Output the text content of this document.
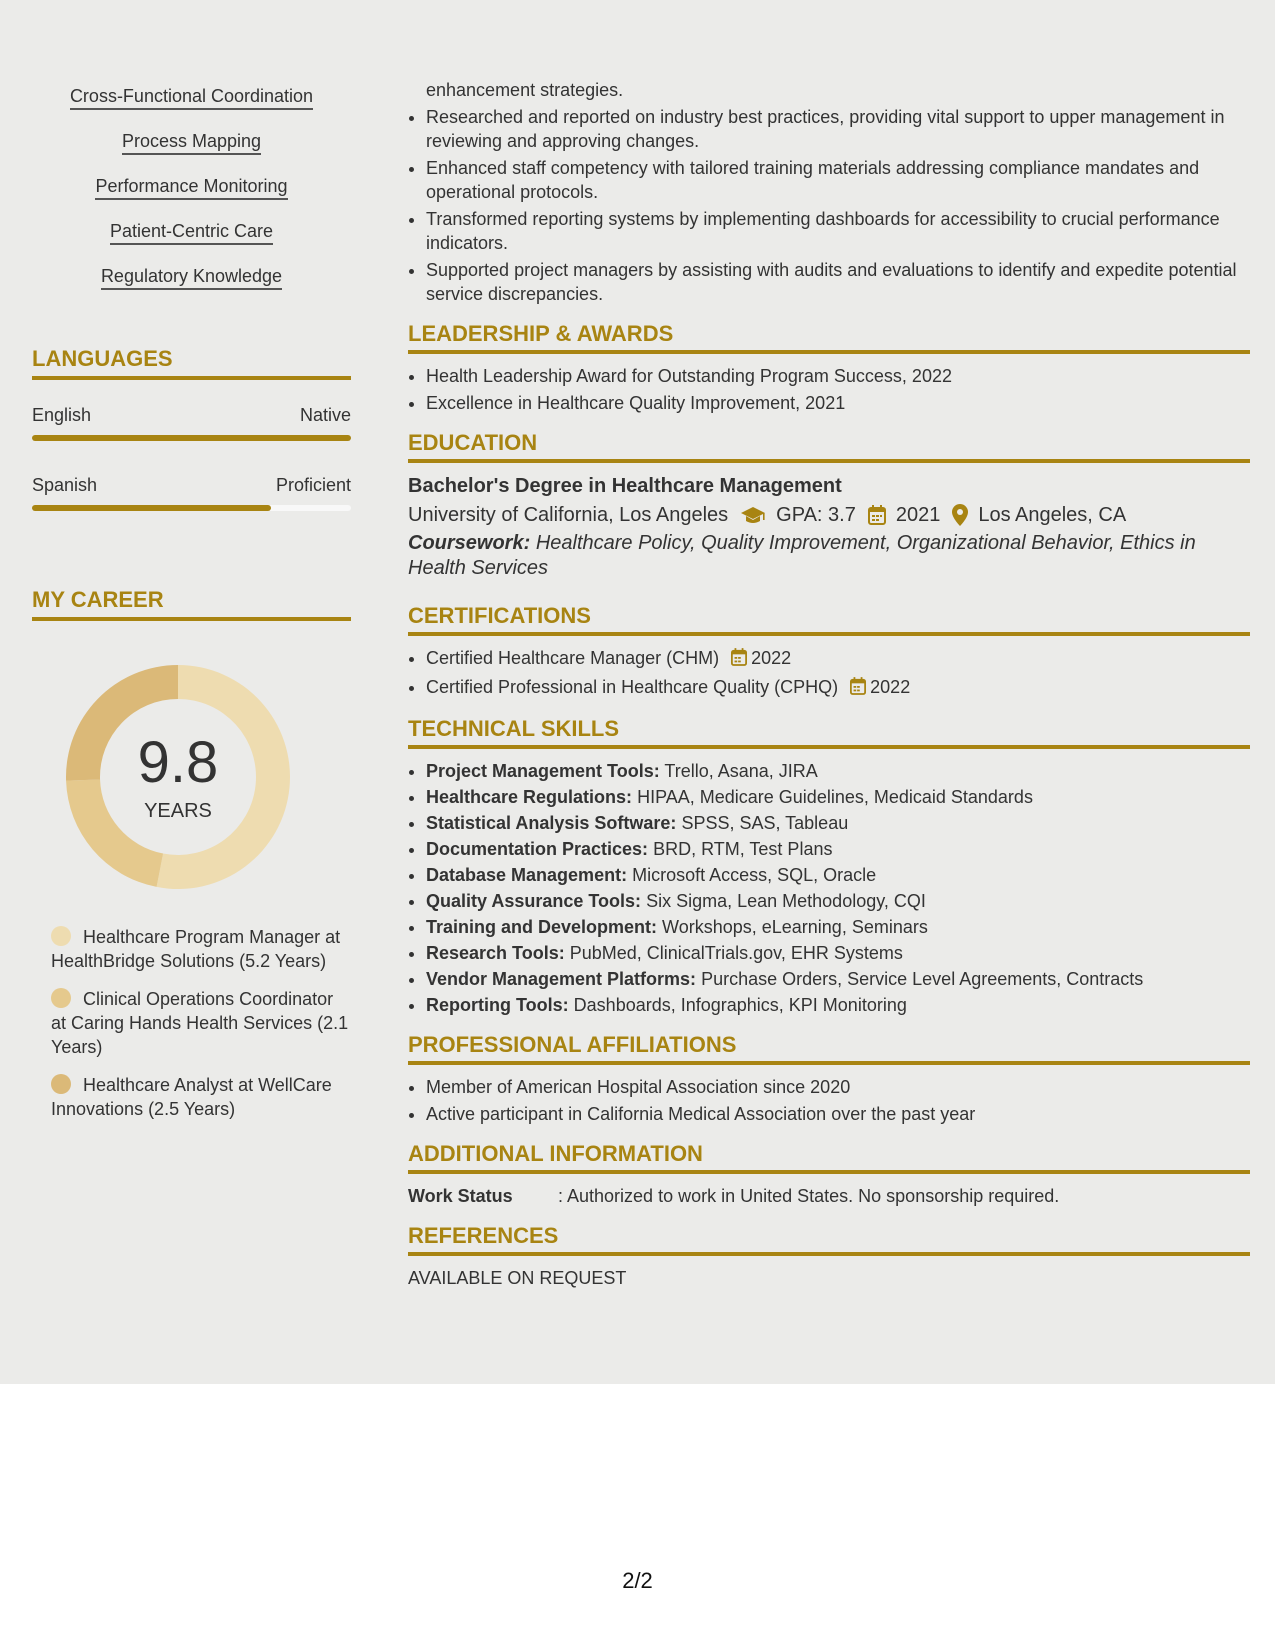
Cross-Functional Coordination
Process Mapping
Performance Monitoring
Patient-Centric Care
Regulatory Knowledge
LANGUAGES
English	Native
Spanish	Proficient
MY CAREER
9.8
YEARS
Healthcare Program Manager at HealthBridge Solutions (5.2 Years)
Clinical Operations Coordinator at Caring Hands Health Services (2.1 Years)
Healthcare Analyst at WellCare Innovations (2.5 Years)
enhancement strategies.
• Researched and reported on industry best practices, providing vital support to upper management in reviewing and approving changes.
• Enhanced staff competency with tailored training materials addressing compliance mandates and operational protocols.
• Transformed reporting systems by implementing dashboards for accessibility to crucial performance indicators.
• Supported project managers by assisting with audits and evaluations to identify and expedite potential service discrepancies.
LEADERSHIP & AWARDS
• Health Leadership Award for Outstanding Program Success, 2022
• Excellence in Healthcare Quality Improvement, 2021
EDUCATION
Bachelor's Degree in Healthcare Management
University of California, Los Angeles GPA: 3.7 2021 Los Angeles, CA
Coursework: Healthcare Policy, Quality Improvement, Organizational Behavior, Ethics in Health Services
CERTIFICATIONS
• Certified Healthcare Manager (CHM) 2022
• Certified Professional in Healthcare Quality (CPHQ) 2022
TECHNICAL SKILLS
• Project Management Tools: Trello, Asana, JIRA
• Healthcare Regulations: HIPAA, Medicare Guidelines, Medicaid Standards
• Statistical Analysis Software: SPSS, SAS, Tableau
• Documentation Practices: BRD, RTM, Test Plans
• Database Management: Microsoft Access, SQL, Oracle
• Quality Assurance Tools: Six Sigma, Lean Methodology, CQI
• Training and Development: Workshops, eLearning, Seminars
• Research Tools: PubMed, ClinicalTrials.gov, EHR Systems
• Vendor Management Platforms: Purchase Orders, Service Level Agreements, Contracts
• Reporting Tools: Dashboards, Infographics, KPI Monitoring
PROFESSIONAL AFFILIATIONS
• Member of American Hospital Association since 2020
• Active participant in California Medical Association over the past year
ADDITIONAL INFORMATION
Work Status	: Authorized to work in United States. No sponsorship required.
REFERENCES
AVAILABLE ON REQUEST
2/2
